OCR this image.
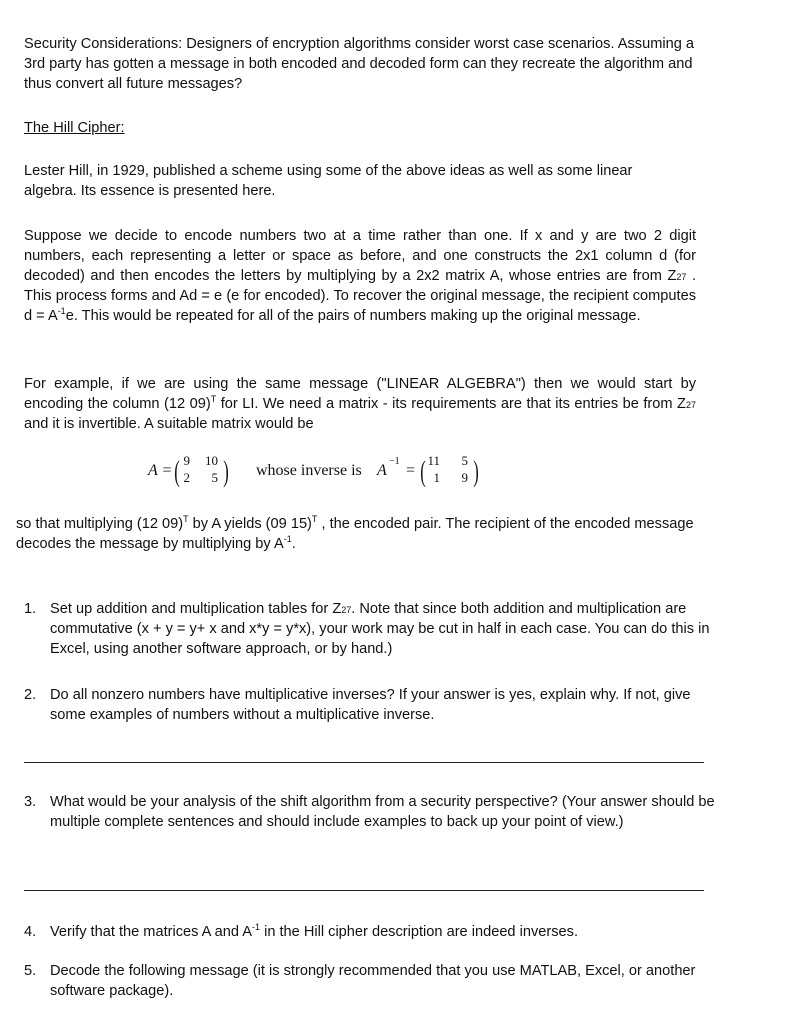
Security Considerations: Designers of encryption algorithms consider worst case scenarios. Assuming a 3rd party has gotten a message in both encoded and decoded form can they recreate the algorithm and thus convert all future messages?
The Hill Cipher:
Lester Hill, in 1929, published a scheme using some of the above ideas as well as some linear algebra. Its essence is presented here.
Suppose we decide to encode numbers two at a time rather than one. If x and y are two 2 digit numbers, each representing a letter or space as before, and one constructs the 2x1 column d (for decoded) and then encodes the letters by multiplying by a 2x2 matrix A, whose entries are from Z27 . This process forms and Ad = e (e for encoded). To recover the original message, the recipient computes $d = A^{-1}e$. This would be repeated for all of the pairs of numbers making up the original message.
For example, if we are using the same message ("LINEAR ALGEBRA") then we would start by encoding the column (12 09)$^T$ for LI. We need a matrix - its requirements are that its entries be from Z27 and it is invertible. A suitable matrix would be
A = ( 9 10
2	5 ) whose inverse is A
−1
= ( 11	5
1	9 )
so that multiplying (12 09)$^T$ by A yields (09 15)$^T$ , the encoded pair. The recipient of the encoded message decodes the message by multiplying by $A^{-1}$.
1. Set up addition and multiplication tables for Z27. Note that since both addition and multiplication are commutative (x + y = y+ x and x*y = y*x), your work may be cut in half in each case. You can do this in Excel, using another software approach, or by hand.)
2. Do all nonzero numbers have multiplicative inverses? If your answer is yes, explain why. If not, give some examples of numbers without a multiplicative inverse.
3. What would be your analysis of the shift algorithm from a security perspective? (Your answer should be multiple complete sentences and should include examples to back up your point of view.)
4. Verify that the matrices A and $A^{-1}$ in the Hill cipher description are indeed inverses.
5. Decode the following message (it is strongly recommended that you use MATLAB, Excel, or another software package).
